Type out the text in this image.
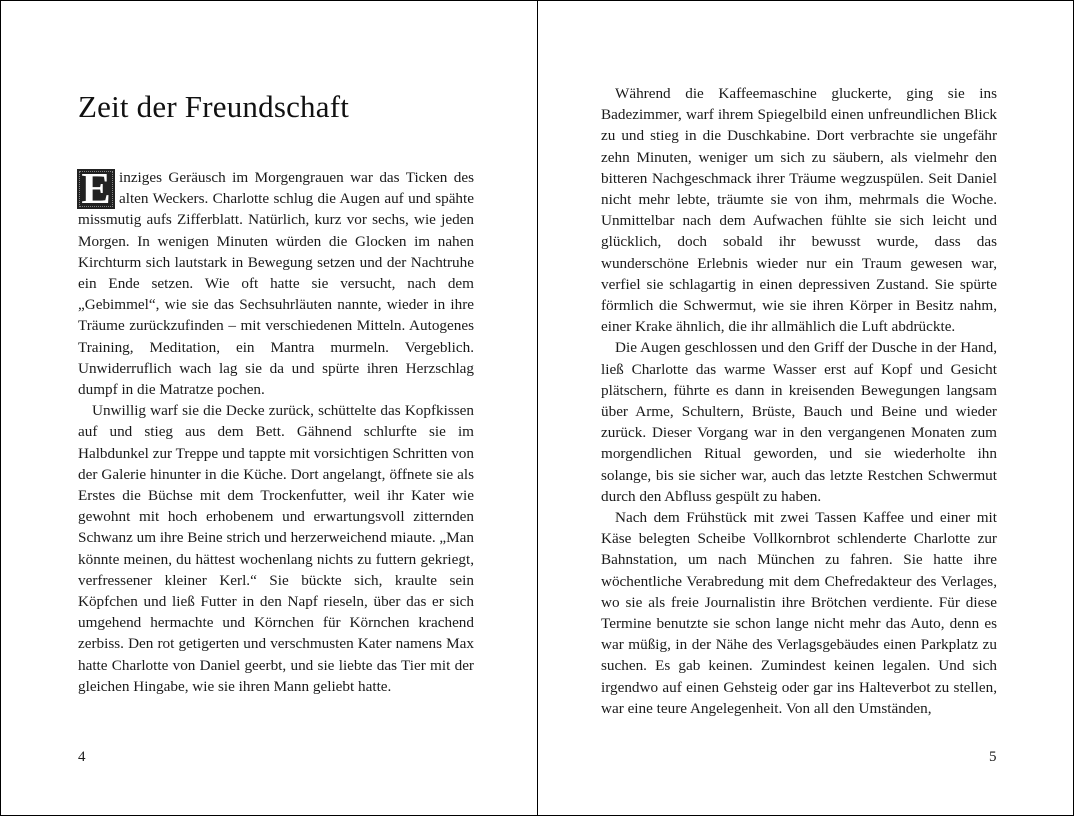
Zeit der Freundschaft

E inziges Geräusch im Morgengrauen war das Ticken des alten Weckers. Charlotte schlug die Augen auf und spähte missmutig aufs Zifferblatt. Natürlich, kurz vor sechs, wie jeden Morgen. In wenigen Minuten würden die Glocken im nahen Kirchturm sich lautstark in Bewegung setzen und der Nachtruhe ein Ende setzen. Wie oft hatte sie versucht, nach dem „Gebimmel“, wie sie das Sechsuhrläuten nannte, wieder in ihre Träume zurückzufinden – mit verschiedenen Mitteln. Autogenes Training, Meditation, ein Mantra murmeln. Vergeblich. Unwiderruflich wach lag sie da und spürte ihren Herzschlag dumpf in die Matratze pochen.

Unwillig warf sie die Decke zurück, schüttelte das Kopfkissen auf und stieg aus dem Bett. Gähnend schlurfte sie im Halbdunkel zur Treppe und tappte mit vorsichtigen Schritten von der Galerie hinunter in die Küche. Dort angelangt, öffnete sie als Erstes die Büchse mit dem Trockenfutter, weil ihr Kater wie gewohnt mit hoch erhobenem und erwartungsvoll zitternden Schwanz um ihre Beine strich und herzerweichend miaute. „Man könnte meinen, du hättest wochenlang nichts zu futtern gekriegt, verfressener kleiner Kerl.“ Sie bückte sich, kraulte sein Köpfchen und ließ Futter in den Napf rieseln, über das er sich umgehend hermachte und Körnchen für Körnchen krachend zerbiss. Den rot getigerten und verschmusten Kater namens Max hatte Charlotte von Daniel geerbt, und sie liebte das Tier mit der gleichen Hingabe, wie sie ihren Mann geliebt hatte.

4

Während die Kaffeemaschine gluckerte, ging sie ins Badezimmer, warf ihrem Spiegelbild einen unfreundlichen Blick zu und stieg in die Duschkabine. Dort verbrachte sie ungefähr zehn Minuten, weniger um sich zu säubern, als vielmehr den bitteren Nachgeschmack ihrer Träume wegzuspülen. Seit Daniel nicht mehr lebte, träumte sie von ihm, mehrmals die Woche. Unmittelbar nach dem Aufwachen fühlte sie sich leicht und glücklich, doch sobald ihr bewusst wurde, dass das wunderschöne Erlebnis wieder nur ein Traum gewesen war, verfiel sie schlagartig in einen depressiven Zustand. Sie spürte förmlich die Schwermut, wie sie ihren Körper in Besitz nahm, einer Krake ähnlich, die ihr allmählich die Luft abdrückte.

Die Augen geschlossen und den Griff der Dusche in der Hand, ließ Charlotte das warme Wasser erst auf Kopf und Gesicht plätschern, führte es dann in kreisenden Bewegungen langsam über Arme, Schultern, Brüste, Bauch und Beine und wieder zurück. Dieser Vorgang war in den vergangenen Monaten zum morgendlichen Ritual geworden, und sie wiederholte ihn solange, bis sie sicher war, auch das letzte Restchen Schwermut durch den Abfluss gespült zu haben.

Nach dem Frühstück mit zwei Tassen Kaffee und einer mit Käse belegten Scheibe Vollkornbrot schlenderte Charlotte zur Bahnstation, um nach München zu fahren. Sie hatte ihre wöchentliche Verabredung mit dem Chefredakteur des Verlages, wo sie als freie Journalistin ihre Brötchen verdiente. Für diese Termine benutzte sie schon lange nicht mehr das Auto, denn es war müßig, in der Nähe des Verlagsgebäudes einen Parkplatz zu suchen. Es gab keinen. Zumindest keinen legalen. Und sich irgendwo auf einen Gehsteig oder gar ins Halteverbot zu stellen, war eine teure Angelegenheit. Von all den Umständen,

5
